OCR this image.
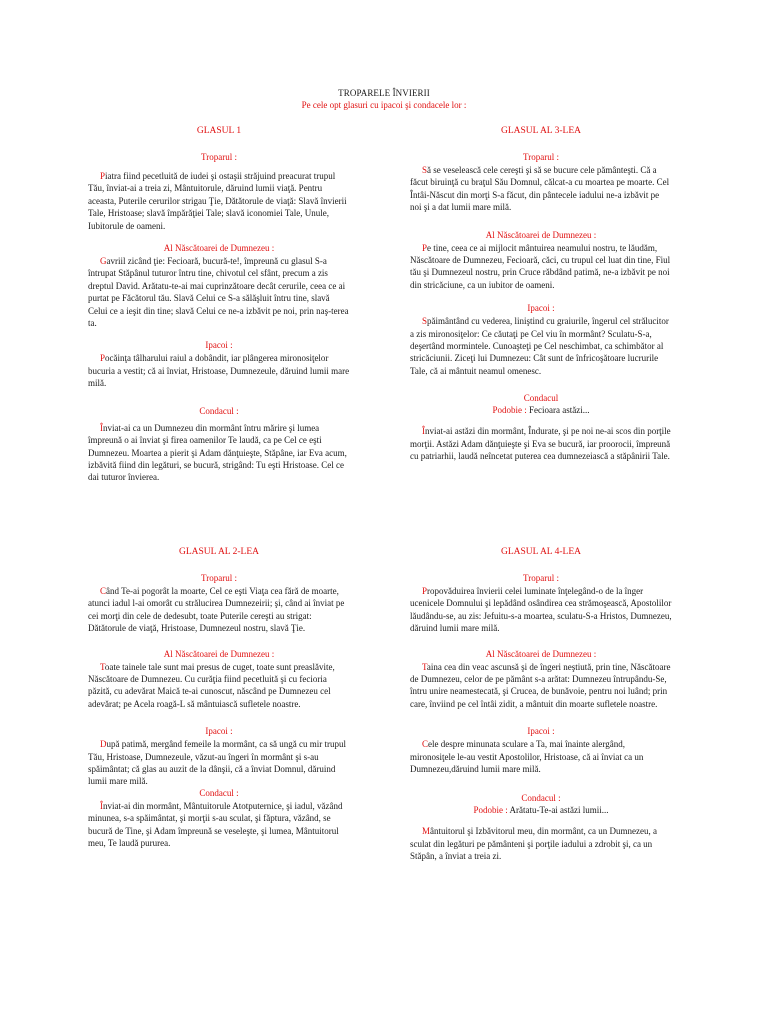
TROPARELE ÎNVIERII
Pe cele opt glasuri cu ipacoi şi condacele lor :
GLASUL 1
Troparul :

Piatra fiind pecetluită de iudei şi ostaşii străjuind preacurat trupul Tău, înviat-ai a treia zi, Mântuitorule, dăruind lumii viaţă. Pentru aceasta, Puterile cerurilor strigau Ţie, Dătătorule de viaţă: Slavă învierii Tale, Hristoase; slavă împărăţiei Tale; slavă iconomiei Tale, Unule, Iubitorule de oameni.

Al Născătoarei de Dumnezeu :

Gavriil zicând ţie: Fecioară, bucură-te!, împreună cu glasul S-a întrupat Stăpânul tuturor întru tine, chivotul cel sfânt, precum a zis dreptul David. Arătatu-te-ai mai cuprinzătoare decât cerurile, ceea ce ai purtat pe Făcătorul tău. Slavă Celui ce S-a sălăşluit întru tine, slavă Celui ce a ieşit din tine; slavă Celui ce ne-a izbăvit pe noi, prin naş-terea ta.

Ipacoi :

Pocăinţa tâlharului raiul a dobândit, iar plângerea mironosiţelor bucuria a vestit; că ai înviat, Hristoase, Dumnezeule, dăruind lumii mare milă.

Condacul :

Înviat-ai ca un Dumnezeu din mormânt întru mărire şi lumea împreună o ai înviat şi firea oamenilor Te laudă, ca pe Cel ce eşti Dumnezeu. Moartea a pierit şi Adam dănţuieşte, Stăpâne, iar Eva acum, izbăvită fiind din legături, se bucură, strigând: Tu eşti Hristoase. Cel ce dai tuturor învierea.

GLASUL AL 2-LEA
Troparul :

Când Te-ai pogorât la moarte, Cel ce eşti Viaţa cea fără de moarte, atunci iadul l-ai omorât cu strălucirea Dumnezeirii; şi, când ai înviat pe cei morţi din cele de dedesubt, toate Puterile cereşti au strigat: Dătătorule de viaţă, Hristoase, Dumnezeul nostru, slavă Ţie.

Al Născătoarei de Dumnezeu :

Toate tainele tale sunt mai presus de cuget, toate sunt preaslăvite, Născătoare de Dumnezeu. Cu curăţia fiind pecetluită şi cu fecioria păzită, cu adevărat Maică te-ai cunoscut, născând pe Dumnezeu cel adevărat; pe Acela roagă-L să mântuiască sufletele noastre.

Ipacoi :

După patimă, mergând femeile la mormânt, ca să ungă cu mir trupul Tău, Hristoase, Dumnezeule, văzut-au îngeri în mormânt şi s-au spăimântat; că glas au auzit de la dânşii, că a înviat Domnul, dăruind lumii mare milă.

Condacul :

Înviat-ai din mormânt, Mântuitorule Atotputernice, şi iadul, văzând minunea, s-a spăimântat, şi morţii s-au sculat, şi făptura, văzând, se bucură de Tine, şi Adam împreună se veseleşte, şi lumea, Mântuitorul meu, Te laudă pururea.

GLASUL AL 3-LEA
Troparul :

Să se veselească cele cereşti şi să se bucure cele pământeşti. Că a făcut biruinţă cu braţul Său Domnul, călcat-a cu moartea pe moarte. Cel Întâi-Născut din morţi S-a făcut, din pântecele iadului ne-a izbăvit pe noi şi a dat lumii mare milă.

Al Născătoarei de Dumnezeu :

Pe tine, ceea ce ai mijlocit mântuirea neamului nostru, te lăudăm, Născătoare de Dumnezeu, Fecioară, căci, cu trupul cel luat din tine, Fiul tău şi Dumnezeul nostru, prin Cruce răbdând patimă, ne-a izbăvit pe noi din stricăciune, ca un iubitor de oameni.

Ipacoi :

Spăimântând cu vederea, liniştind cu graiurile, îngerul cel strălucitor a zis mironosiţelor: Ce căutaţi pe Cel viu în mormânt? Sculatu-S-a, deşertând mormintele. Cunoaşteţi pe Cel neschimbat, ca schimbător al stricăciunii. Ziceţi lui Dumnezeu: Cât sunt de înfricoşătoare lucrurile Tale, că ai mântuit neamul omenesc.

Condacul
Podobie : Fecioara astăzi...

Înviat-ai astăzi din mormânt, Îndurate, şi pe noi ne-ai scos din porţile morţii. Astăzi Adam dănţuieşte şi Eva se bucură, iar proorocii, împreună cu patriarhii, laudă neîncetat puterea cea dumnezeiască a stăpânirii Tale.

GLASUL AL 4-LEA
Troparul :

Propovăduirea învierii celei luminate înţelegând-o de la înger ucenicele Domnului şi lepădând osândirea cea strămoşească, Apostolilor lăudându-se, au zis: Jefuitu-s-a moartea, sculatu-S-a Hristos, Dumnezeu, dăruind lumii mare milă.

Al Născătoarei de Dumnezeu :

Taina cea din veac ascunsă şi de îngeri neştiută, prin tine, Născătoare de Dumnezeu, celor de pe pământ s-a arătat: Dumnezeu întrupându-Se, întru unire neamestecată, şi Crucea, de bunăvoie, pentru noi luând; prin care, înviind pe cel întâi zidit, a mântuit din moarte sufletele noastre.

Ipacoi :

Cele despre minunata sculare a Ta, mai înainte alergând, mironosiţele le-au vestit Apostolilor, Hristoase, că ai înviat ca un Dumnezeu,dăruind lumii mare milă.

Condacul :
Podobie : Arătatu-Te-ai astăzi lumii...

Mântuitorul şi Izbăvitorul meu, din mormânt, ca un Dumnezeu, a sculat din legături pe pământeni şi porţile iadului a zdrobit şi, ca un Stăpân, a înviat a treia zi.
